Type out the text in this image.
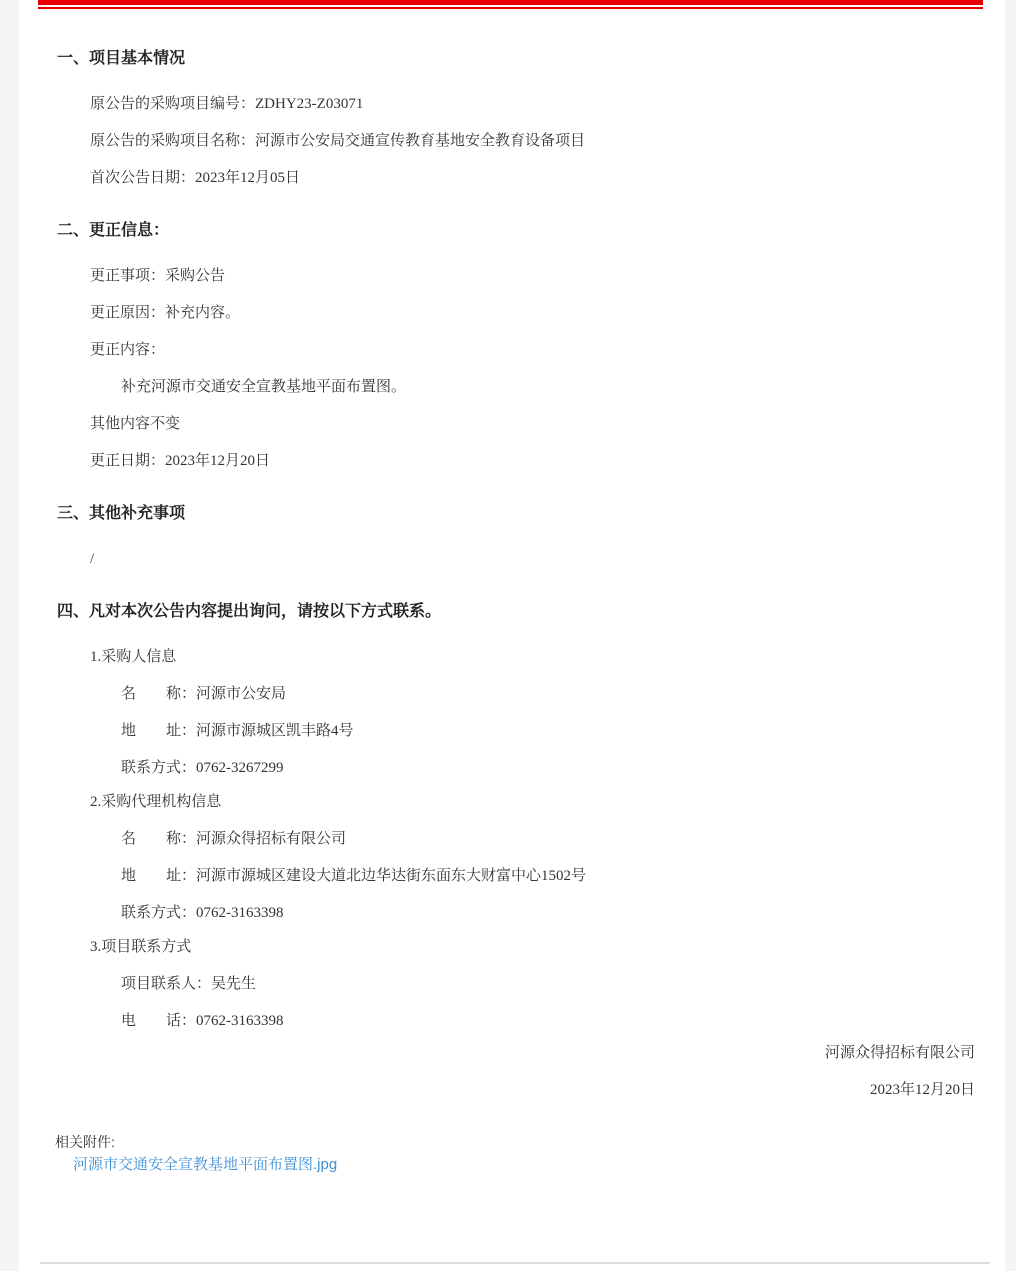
一、项目基本情况

原公告的采购项目编号：ZDHY23-Z03071

原公告的采购项目名称：河源市公安局交通宣传教育基地安全教育设备项目

首次公告日期：2023年12月05日

二、更正信息：

更正事项：采购公告

更正原因：补充内容。

更正内容：

补充河源市交通安全宣教基地平面布置图。

其他内容不变

更正日期：2023年12月20日

三、其他补充事项

/

四、凡对本次公告内容提出询问，请按以下方式联系。

1.采购人信息

名　　称：河源市公安局

地　　址：河源市源城区凯丰路4号

联系方式：0762-3267299

2.采购代理机构信息

名　　称：河源众得招标有限公司

地　　址：河源市源城区建设大道北边华达街东面东大财富中心1502号

联系方式：0762-3163398

3.项目联系方式

项目联系人：吴先生

电　　话：0762-3163398

河源众得招标有限公司

2023年12月20日

相关附件:
河源市交通安全宣教基地平面布置图.jpg
